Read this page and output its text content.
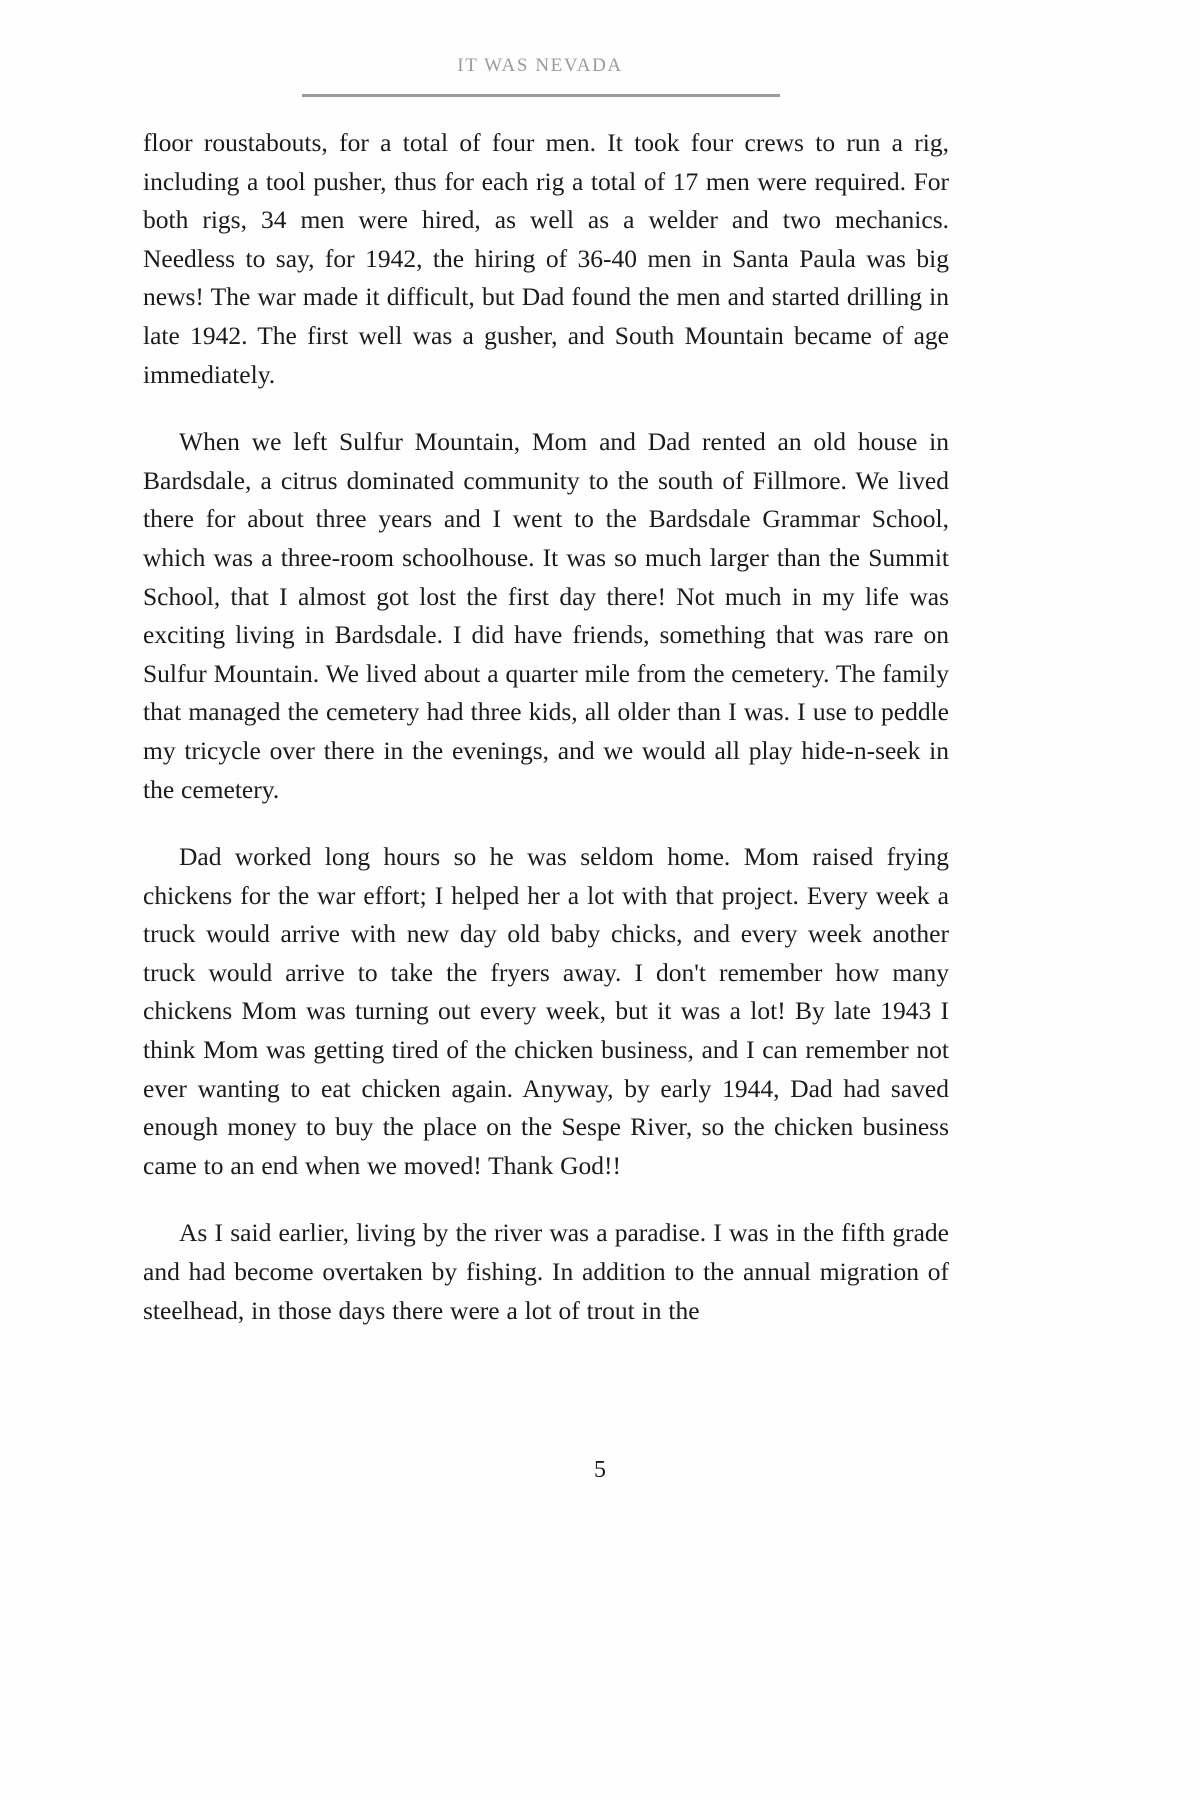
IT WAS NEVADA

floor roustabouts, for a total of four men. It took four crews to run a rig, including a tool pusher, thus for each rig a total of 17 men were required. For both rigs, 34 men were hired, as well as a welder and two mechanics. Needless to say, for 1942, the hiring of 36-40 men in Santa Paula was big news! The war made it difficult, but Dad found the men and started drilling in late 1942. The first well was a gusher, and South Mountain became of age immediately.

When we left Sulfur Mountain, Mom and Dad rented an old house in Bardsdale, a citrus dominated community to the south of Fillmore. We lived there for about three years and I went to the Bardsdale Grammar School, which was a three-room schoolhouse. It was so much larger than the Summit School, that I almost got lost the first day there! Not much in my life was exciting living in Bardsdale. I did have friends, something that was rare on Sulfur Mountain. We lived about a quarter mile from the cemetery. The family that managed the cemetery had three kids, all older than I was. I use to peddle my tricycle over there in the evenings, and we would all play hide-n-seek in the cemetery.

Dad worked long hours so he was seldom home. Mom raised frying chickens for the war effort; I helped her a lot with that project. Every week a truck would arrive with new day old baby chicks, and every week another truck would arrive to take the fryers away. I don't remember how many chickens Mom was turning out every week, but it was a lot! By late 1943 I think Mom was getting tired of the chicken business, and I can remember not ever wanting to eat chicken again. Anyway, by early 1944, Dad had saved enough money to buy the place on the Sespe River, so the chicken business came to an end when we moved! Thank God!!

As I said earlier, living by the river was a paradise. I was in the fifth grade and had become overtaken by fishing. In addition to the annual migration of steelhead, in those days there were a lot of trout in the

5
